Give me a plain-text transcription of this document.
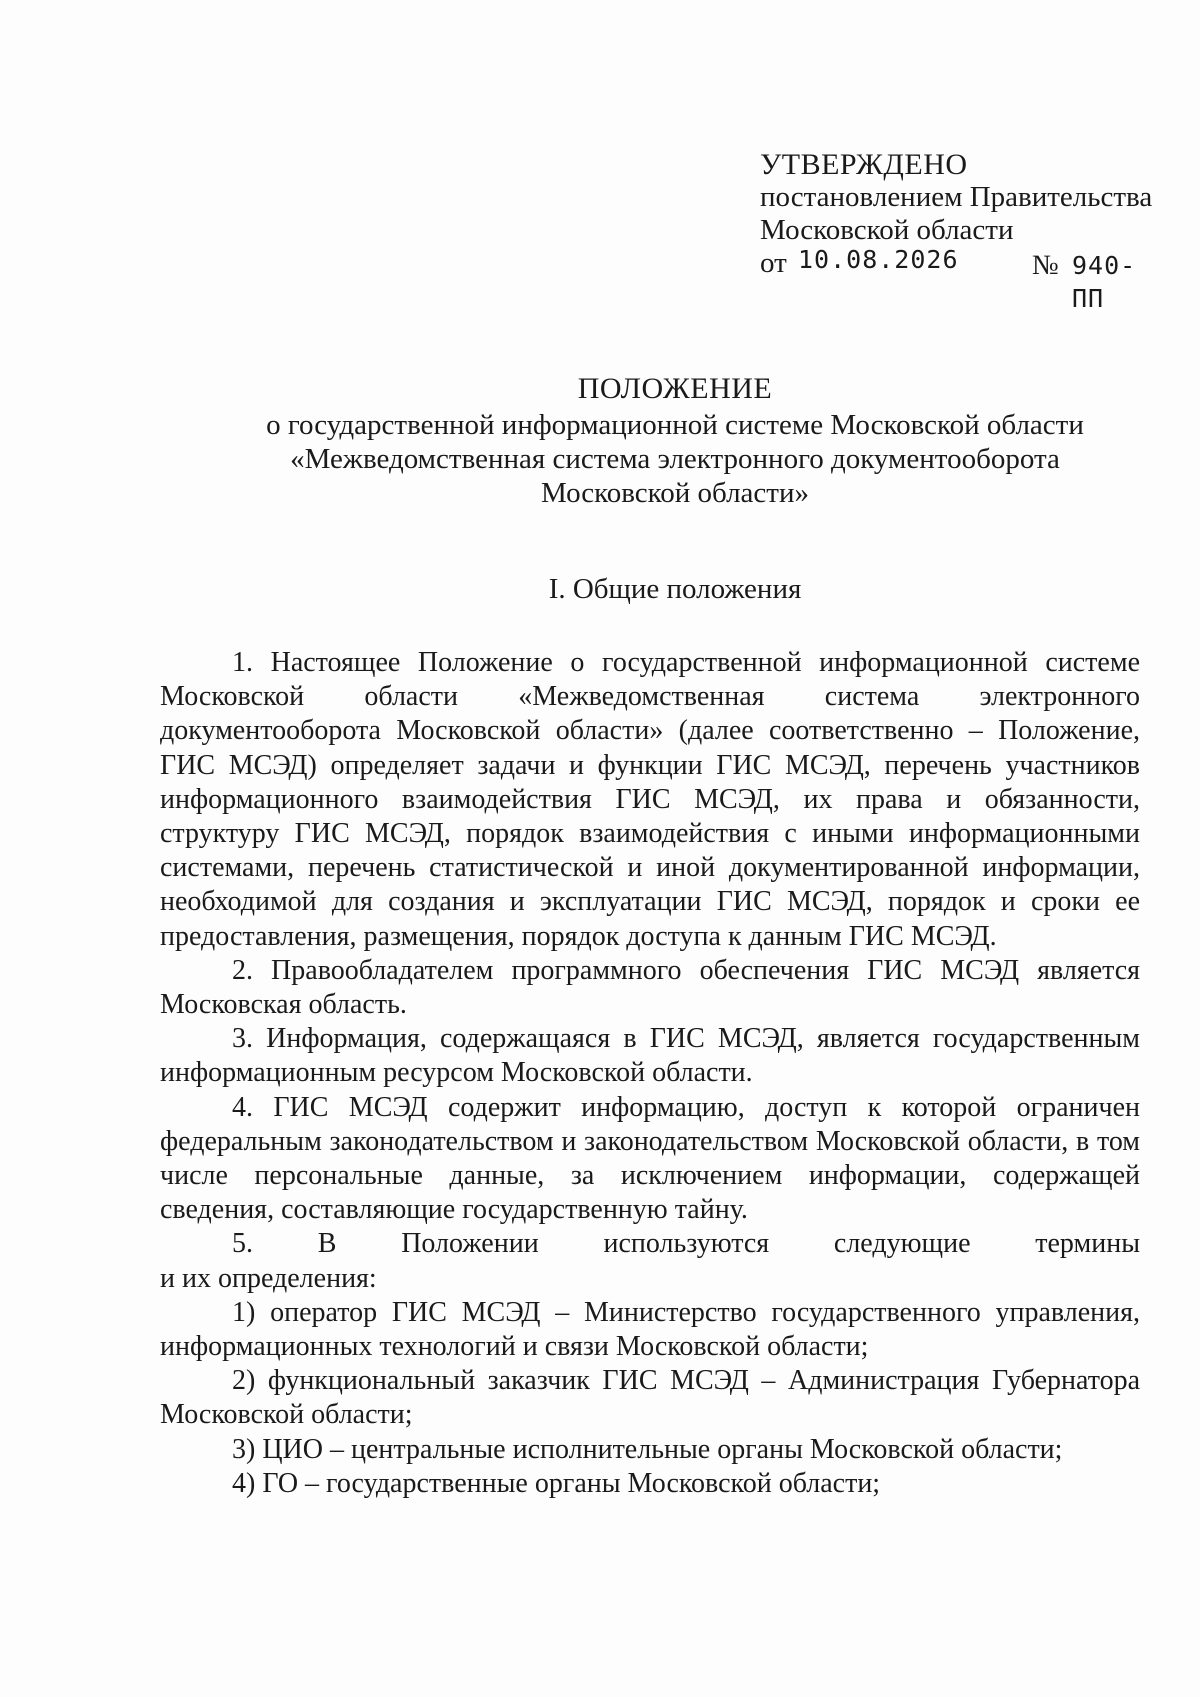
УТВЕРЖДЕНО
постановлением Правительства
Московской области
от 10.08.2026	№ 940-ПП
ПОЛОЖЕНИЕ
о государственной информационной системе Московской области
«Межведомственная система электронного документооборота
Московской области»
I. Общие положения

1. Настоящее Положение о государственной информационной системе Московской области «Межведомственная система электронного документооборота Московской области» (далее соответственно – Положение, ГИС МСЭД) определяет задачи и функции ГИС МСЭД, перечень участников информационного взаимодействия ГИС МСЭД, их права и обязанности, структуру ГИС МСЭД, порядок взаимодействия с иными информационными системами, перечень статистической и иной документированной информации, необходимой для создания и эксплуатации ГИС МСЭД, порядок и сроки ее предоставления, размещения, порядок доступа к данным ГИС МСЭД.

2. Правообладателем программного обеспечения ГИС МСЭД является Московская область.

3. Информация, содержащаяся в ГИС МСЭД, является государственным информационным ресурсом Московской области.

4. ГИС МСЭД содержит информацию, доступ к которой ограничен федеральным законодательством и законодательством Московской области, в том числе персональные данные, за исключением информации, содержащей сведения, составляющие государственную тайну.

5. В Положении используются следующие термины

и их определения:

1) оператор ГИС МСЭД – Министерство государственного управления, информационных технологий и связи Московской области;

2) функциональный заказчик ГИС МСЭД – Администрация Губернатора Московской области;

3) ЦИО – центральные исполнительные органы Московской области;

4) ГО – государственные органы Московской области;
